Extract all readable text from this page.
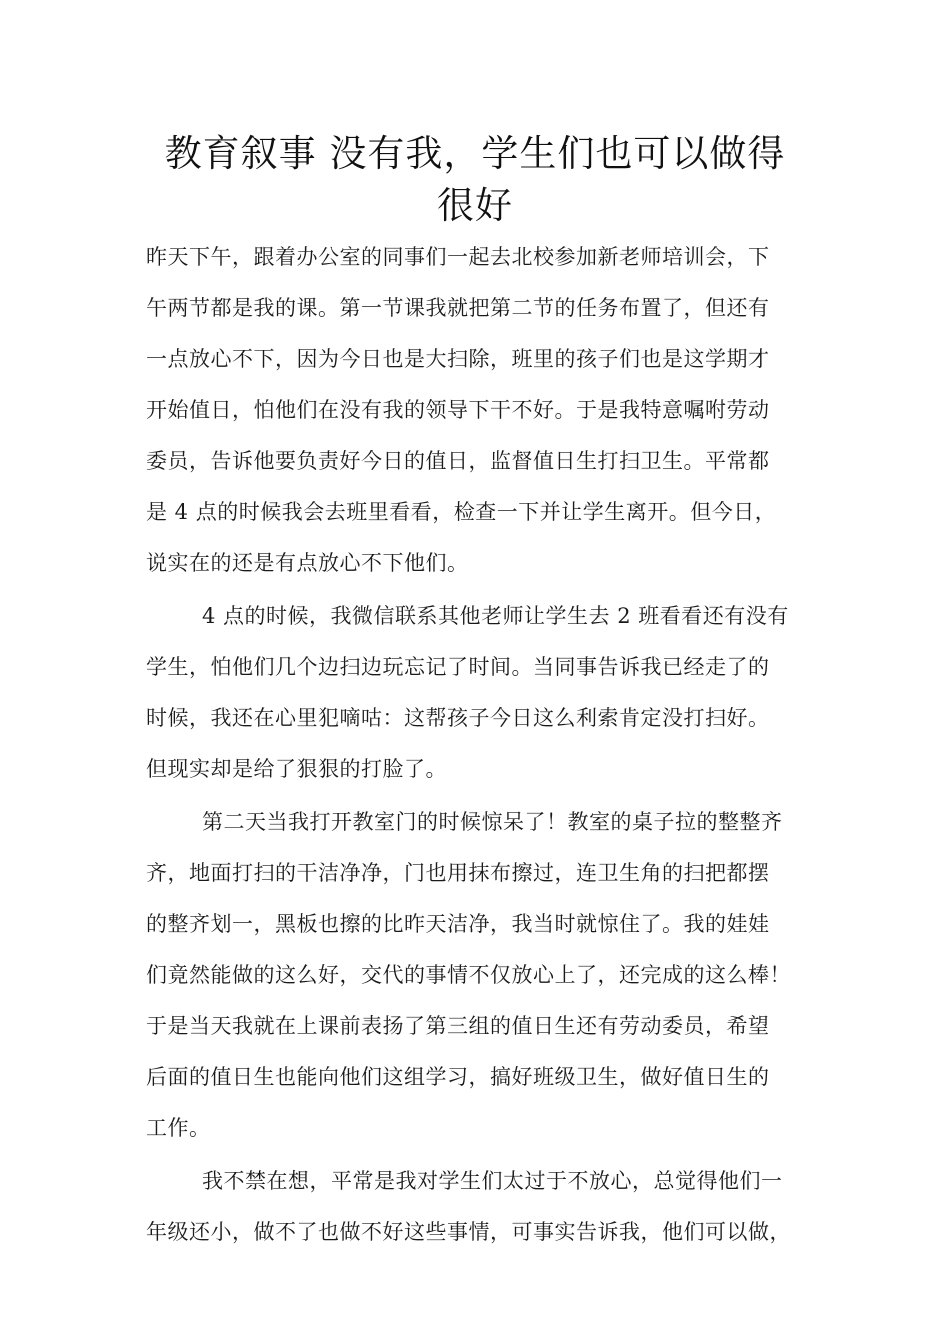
教育叙事 没有我，学生们也可以做得
很好
昨天下午，跟着办公室的同事们一起去北校参加新老师培训会，下
午两节都是我的课。第一节课我就把第二节的任务布置了，但还有
一点放心不下，因为今日也是大扫除，班里的孩子们也是这学期才
开始值日，怕他们在没有我的领导下干不好。于是我特意嘱咐劳动
委员，告诉他要负责好今日的值日，监督值日生打扫卫生。平常都
是 4 点的时候我会去班里看看，检查一下并让学生离开。但今日，
说实在的还是有点放心不下他们。
4 点的时候，我微信联系其他老师让学生去 2 班看看还有没有
学生，怕他们几个边扫边玩忘记了时间。当同事告诉我已经走了的
时候，我还在心里犯嘀咕：这帮孩子今日这么利索肯定没打扫好。
但现实却是给了狠狠的打脸了。
第二天当我打开教室门的时候惊呆了！教室的桌子拉的整整齐
齐，地面打扫的干洁净净，门也用抹布擦过，连卫生角的扫把都摆
的整齐划一，黑板也擦的比昨天洁净，我当时就惊住了。我的娃娃
们竟然能做的这么好，交代的事情不仅放心上了，还完成的这么棒！
于是当天我就在上课前表扬了第三组的值日生还有劳动委员，希望
后面的值日生也能向他们这组学习，搞好班级卫生，做好值日生的
工作。
我不禁在想，平常是我对学生们太过于不放心，总觉得他们一
年级还小，做不了也做不好这些事情，可事实告诉我，他们可以做，
